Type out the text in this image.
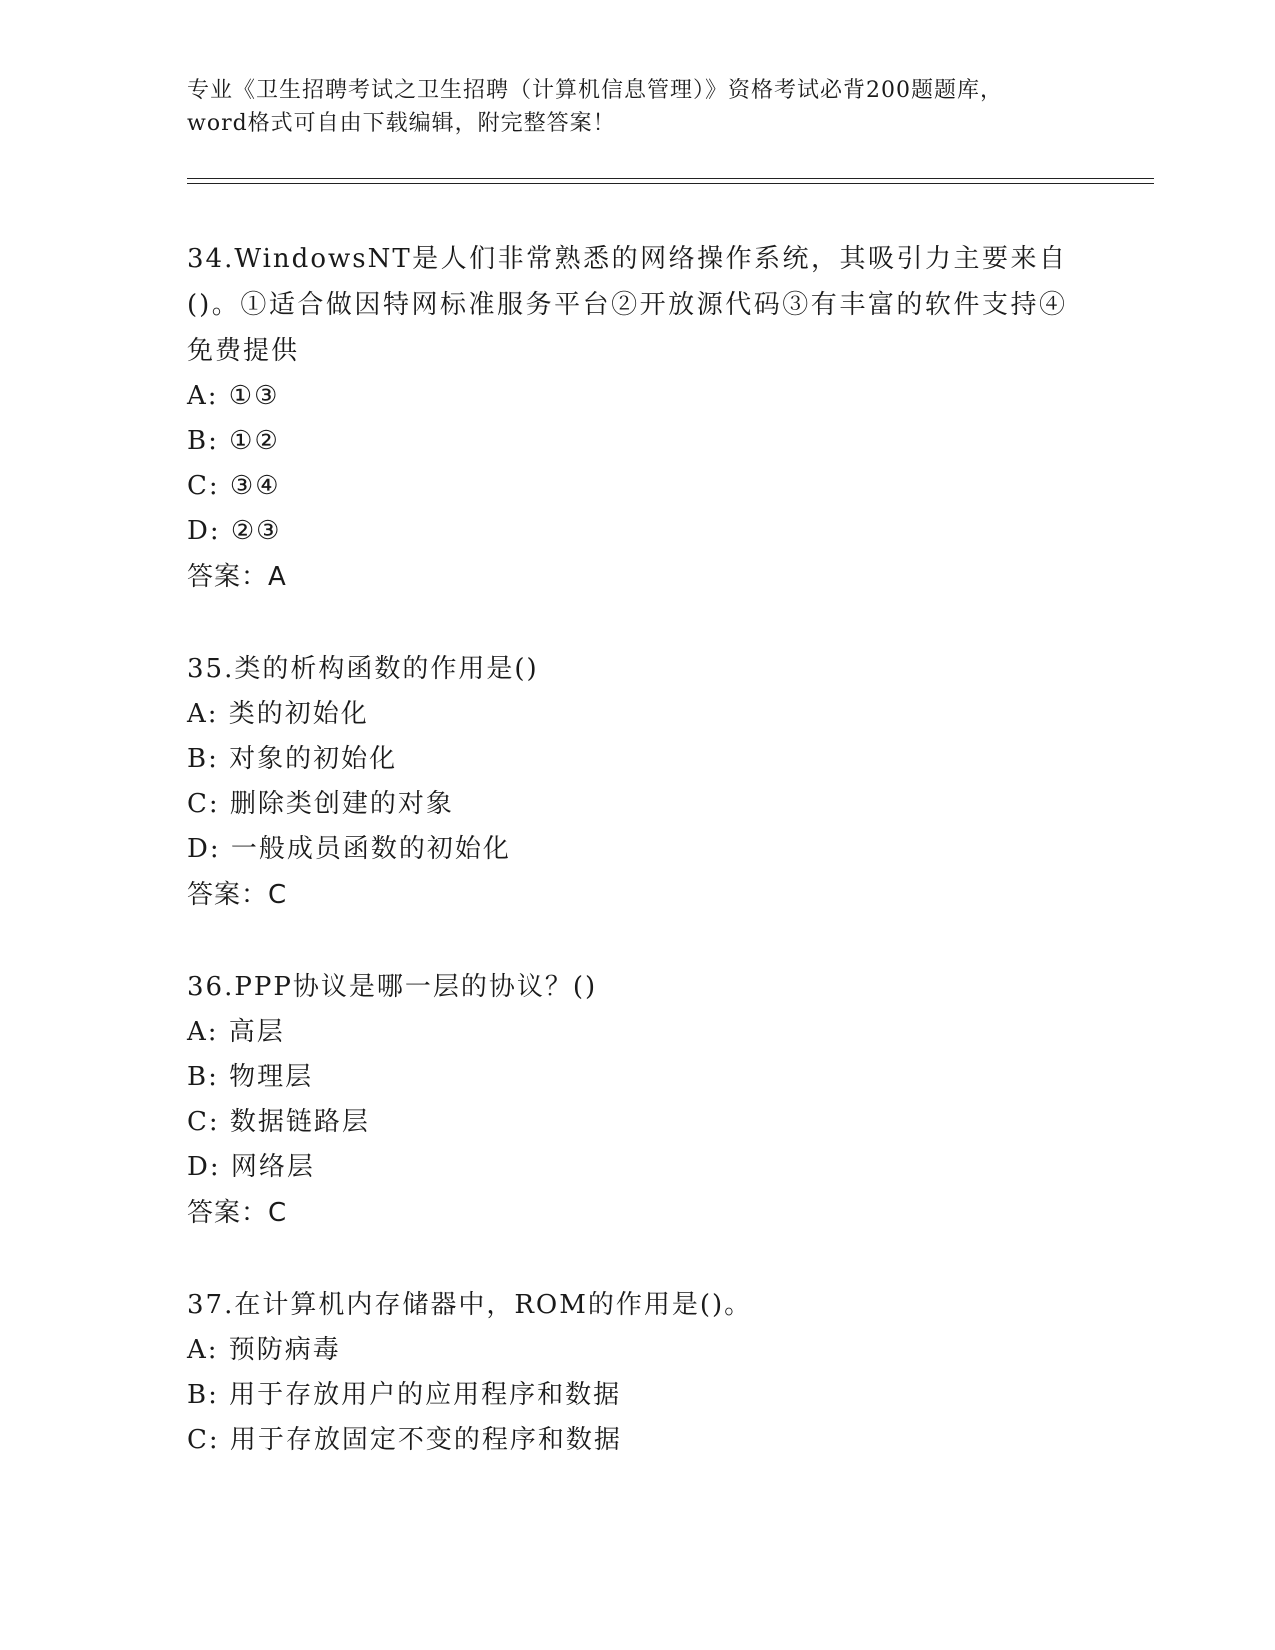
专业《卫生招聘考试之卫生招聘（计算机信息管理）》资格考试必背200题题库，
word格式可自由下载编辑，附完整答案！
34.WindowsNT是人们非常熟悉的网络操作系统，其吸引力主要来自()。①适合做因特网标准服务平台②开放源代码③有丰富的软件支持④免费提供
A: ①③
B: ①②
C: ③④
D: ②③
答案：A
35.类的析构函数的作用是()
A: 类的初始化
B: 对象的初始化
C: 删除类创建的对象
D: 一般成员函数的初始化
答案：C
36.PPP协议是哪一层的协议？()
A: 高层
B: 物理层
C: 数据链路层
D: 网络层
答案：C
37.在计算机内存储器中，ROM的作用是()。
A: 预防病毒
B: 用于存放用户的应用程序和数据
C: 用于存放固定不变的程序和数据
